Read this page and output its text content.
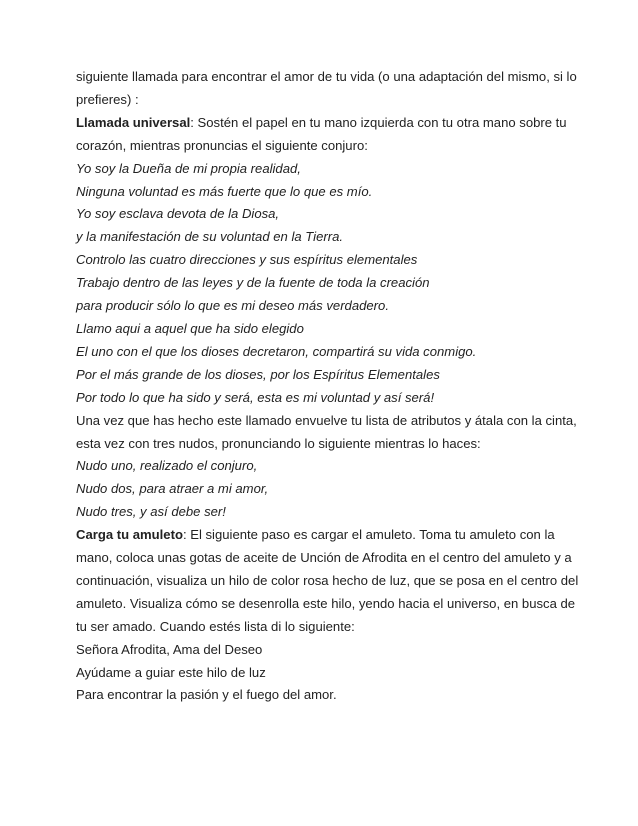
siguiente llamada para encontrar el amor de tu vida (o una adaptación del mismo, si lo
prefieres) :
Llamada universal: Sostén el papel en tu mano izquierda con tu otra mano sobre tu
corazón, mientras pronuncias el siguiente conjuro:
Yo soy la Dueña de mi propia realidad,
Ninguna voluntad es más fuerte que lo que es mío.
Yo soy esclava devota de la Diosa,
y la manifestación de su voluntad en la Tierra.
Controlo las cuatro direcciones y sus espíritus elementales
Trabajo dentro de las leyes y de la fuente de toda la creación
para producir sólo lo que es mi deseo más verdadero.
Llamo aqui a aquel que ha sido elegido
El uno con el que los dioses decretaron, compartirá su vida conmigo.
Por el más grande de los dioses, por los Espíritus Elementales
Por todo lo que ha sido y será, esta es mi voluntad y así será!
Una vez que has hecho este llamado envuelve tu lista de atributos y átala con la cinta,
esta vez con tres nudos, pronunciando lo siguiente mientras lo haces:
Nudo uno, realizado el conjuro,
Nudo dos, para atraer a mi amor,
Nudo tres, y así debe ser!
Carga tu amuleto: El siguiente paso es cargar el amuleto. Toma tu amuleto con la
mano, coloca unas gotas de aceite de Unción de Afrodita en el centro del amuleto y a
continuación, visualiza un hilo de color rosa hecho de luz, que se posa en el centro del
amuleto. Visualiza cómo se desenrolla este hilo, yendo hacia el universo, en busca de
tu ser amado. Cuando estés lista di lo siguiente:
Señora Afrodita, Ama del Deseo
Ayúdame a guiar este hilo de luz
Para encontrar la pasión y el fuego del amor.
